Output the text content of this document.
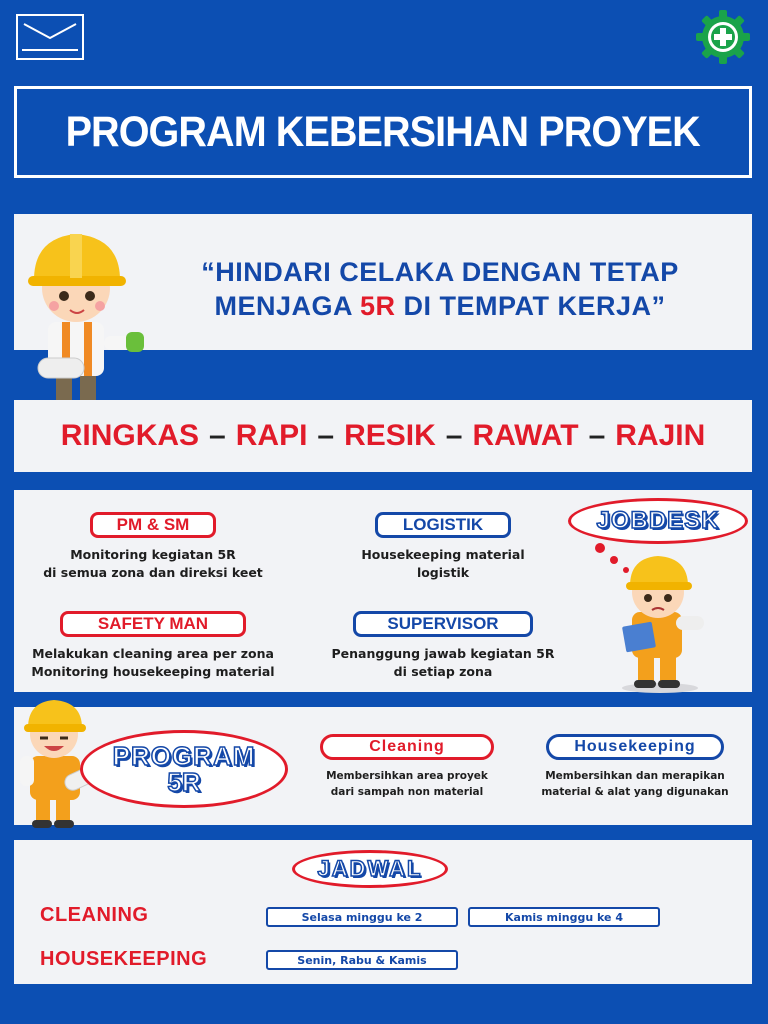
PROGRAM KEBERSIHAN PROYEK
“HINDARI CELAKA DENGAN TETAP
MENJAGA 5R DI TEMPAT KERJA”
RINGKAS – RAPI – RESIK – RAWAT – RAJIN
PM & SM
Monitoring kegiatan 5R
di semua zona dan direksi keet
LOGISTIK
Housekeeping material
logistik
SAFETY MAN
Melakukan cleaning area per zona
Monitoring housekeeping material
SUPERVISOR
Penanggung jawab kegiatan 5R
di setiap zona
JOBDESK
PROGRAM
5R
Cleaning
Membersihkan area proyek
dari sampah non material
Housekeeping
Membersihkan dan merapikan
material & alat yang digunakan
JADWAL
CLEANING	Selasa minggu ke 2	Kamis minggu ke 4
HOUSEKEEPING	Senin, Rabu & Kamis
